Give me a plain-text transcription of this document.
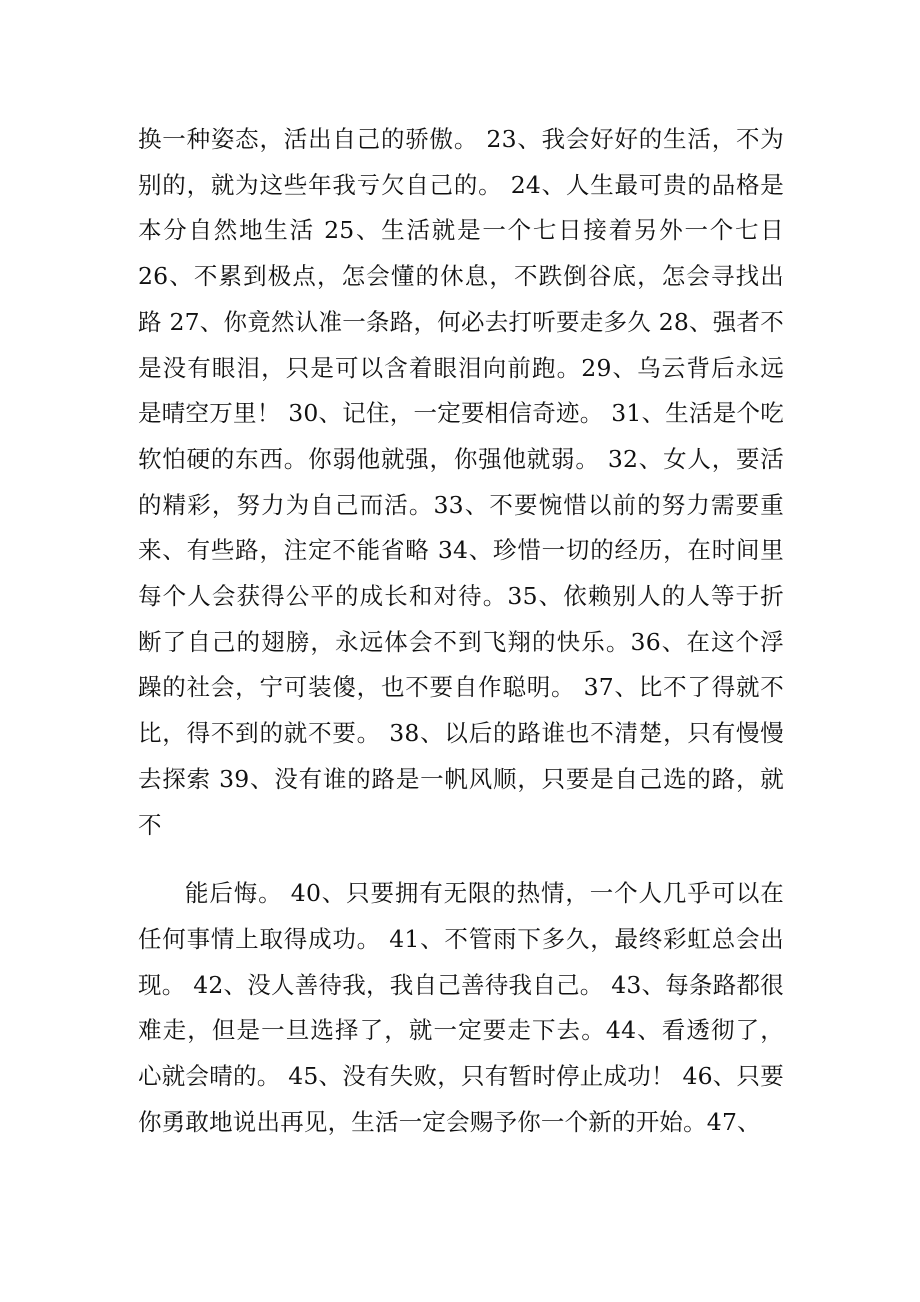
换一种姿态，活出自己的骄傲。 23、我会好好的生活，不为别的，就为这些年我亏欠自己的。 24、人生最可贵的品格是本分自然地生活 25、生活就是一个七日接着另外一个七日 26、不累到极点，怎会懂的休息，不跌倒谷底，怎会寻找出路 27、你竟然认准一条路，何必去打听要走多久 28、强者不是没有眼泪，只是可以含着眼泪向前跑。29、乌云背后永远是晴空万里！ 30、记住，一定要相信奇迹。 31、生活是个吃软怕硬的东西。你弱他就强，你强他就弱。 32、女人，要活的精彩，努力为自己而活。33、不要惋惜以前的努力需要重来、有些路，注定不能省略 34、珍惜一切的经历，在时间里每个人会获得公平的成长和对待。35、依赖别人的人等于折断了自己的翅膀，永远体会不到飞翔的快乐。36、在这个浮躁的社会，宁可装傻，也不要自作聪明。 37、比不了得就不比，得不到的就不要。 38、以后的路谁也不清楚，只有慢慢去探索 39、没有谁的路是一帆风顺，只要是自己选的路，就不

能后悔。 40、只要拥有无限的热情，一个人几乎可以在任何事情上取得成功。 41、不管雨下多久，最终彩虹总会出现。 42、没人善待我，我自己善待我自己。 43、每条路都很难走，但是一旦选择了，就一定要走下去。44、看透彻了，心就会晴的。 45、没有失败，只有暂时停止成功！ 46、只要你勇敢地说出再见，生活一定会赐予你一个新的开始。47、
